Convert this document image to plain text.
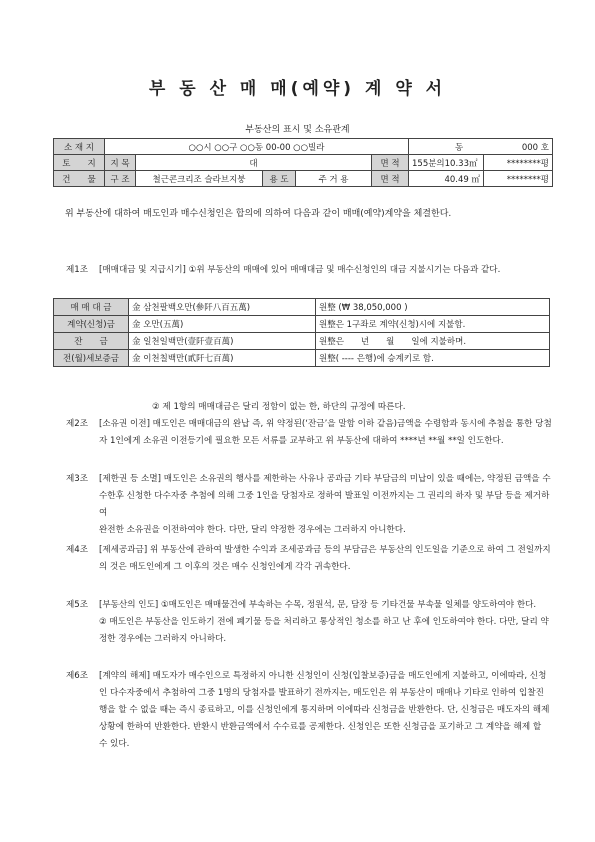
부 동 산 매 매(예약) 계 약 서
부동산의 표시 및 소유관계
소 재 지	○○시 ○○구 ○○동 00-00 ○○빌라					동 000 호	

토　　지	지 목	대			면 적	155분의10.33㎡	********평
건　　물	구 조	철근콘크리조 슬라브지붕	용 도	주 거 용	면 적	40.49 ㎡	********평
위 부동산에 대하여 매도인과 매수신청인은 합의에 의하여 다음과 같이 매매(예약)계약을 체결한다.
제1조 [매매대금 및 지급시기] ①위 부동산의 매매에 있어 매매대금 및 매수신청인의 대금 지불시기는 다음과 같다.
매 매 대 금	金 삼천팔백오만(參阡八百五萬)	원整 (₩ 38,050,000 )
계약(신청)금	金 오만(五萬)	원整은 1구좌로 계약(신청)시에 지불함.
잔　　금	金 일천일백만(壹阡壹百萬)	원整은　　년　　월　　일에 지불하며.
전(월)세보증금	金 이천칠백만(貳阡七百萬)	원整( ---- 은행)에 승계키로 함.
② 제 1항의 매매대금은 달리 정함이 없는 한, 하단의 규정에 따른다.
제2조 [소유권 이전] 매도인은 매매대금의 완납 즉, 위 약정된(‘잔금’을 말함 이하 같음)금액을 수령함과 동시에 추첨을 통한 당첨자 1인에게 소유권 이전등기에 필요한 모든 서류를 교부하고 위 부동산에 대하여 ****년 **월 **일 인도한다.
제3조 [제한권 등 소멸] 매도인은 소유권의 행사를 제한하는 사유나 공과금 기타 부담금의 미납이 있을 때에는, 약정된 금액을 수수한후 신청한 다수자중 추첨에 의해 그중 1인을 당첨자로 정하여 발표일 이전까지는 그 권리의 하자 및 부담 등을 제거하여
완전한 소유권을 이전하여야 한다. 다만, 달리 약정한 경우에는 그러하지 아니한다.
제4조 [제세공과금] 위 부동산에 관하여 발생한 수익과 조세공과금 등의 부담금은 부동산의 인도일을 기준으로 하여 그 전일까지의 것은 매도인에게 그 이후의 것은 매수 신청인에게 각각 귀속한다.
제5조 [부동산의 인도] ①매도인은 매매물건에 부속하는 수목, 정원석, 문, 담장 등 기타건물 부속물 일체를 양도하여야 한다.
② 매도인은 부동산을 인도하기 전에 폐기물 등을 처리하고 통상적인 청소를 하고 난 후에 인도하여야 한다. 다만, 달리 약정한 경우에는 그러하지 아니하다.
제6조 [계약의 해제] 매도자가 매수인으로 특정하지 아니한 신청인이 신청(입찰보증)금을 매도인에게 지불하고, 이에따라, 신청인 다수자중에서 추첨하여 그중 1명의 당첨자를 발표하기 전까지는, 매도인은 위 부동산이 매매나 기타로 인하여 입찰진행을 할 수 없을 때는 즉시 종료하고, 이를 신청인에게 통지하며 이에따라 신청금을 반환한다. 단, 신청금은 매도자의 해제 상황에 한하여 반환한다. 반환시 반환금액에서 수수료를 공제한다. 신청인은 또한 신청금을 포기하고 그 계약을 해제 할 수 있다.
